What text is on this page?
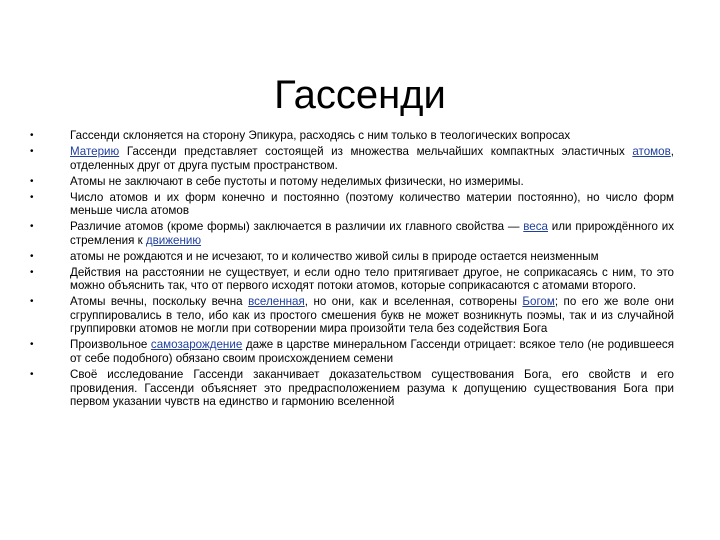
Гассенди
•	Гассенди склоняется на сторону Эпикура, расходясь с ним только в теологических вопросах
•	Материю Гассенди представляет состоящей из множества мельчайших компактных эластичных атомов, отделенных друг от друга пустым пространством.
•	Атомы не заключают в себе пустоты и потому неделимых физически, но измеримы.
•	Число атомов и их форм конечно и постоянно (поэтому количество материи постоянно), но число форм меньше числа атомов
•	Различие атомов (кроме формы) заключается в различии их главного свойства — веса или прирождённого их стремления к движению
•	атомы не рождаются и не исчезают, то и количество живой силы в природе остается неизменным
•	Действия на расстоянии не существует, и если одно тело притягивает другое, не соприкасаясь с ним, то это можно объяснить так, что от первого исходят потоки атомов, которые соприкасаются с атомами второго.
•	Атомы вечны, поскольку вечна вселенная, но они, как и вселенная, сотворены Богом; по его же воле они сгруппировались в тело, ибо как из простого смешения букв не может возникнуть поэмы, так и из случайной группировки атомов не могли при сотворении мира произойти тела без содействия Бога
•	Произвольное самозарождение даже в царстве минеральном Гассенди отрицает: всякое тело (не родившееся от себе подобного) обязано своим происхождением семени
•	Своё исследование Гассенди заканчивает доказательством существования Бога, его свойств и его провидения. Гассенди объясняет это предрасположением разума к допущению существования Бога при первом указании чувств на единство и гармонию вселенной
